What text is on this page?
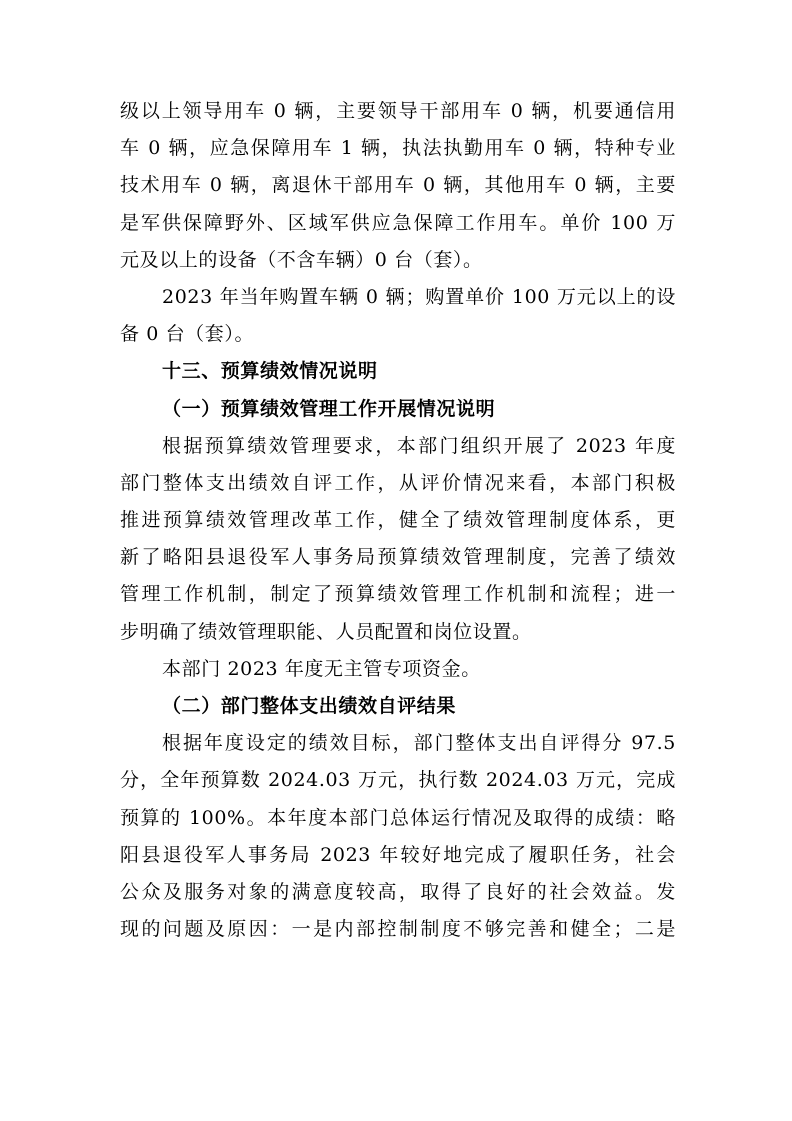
级以上领导用车 0 辆，主要领导干部用车 0 辆，机要通信用
车 0 辆，应急保障用车 1 辆，执法执勤用车 0 辆，特种专业
技术用车 0 辆，离退休干部用车 0 辆，其他用车 0 辆，主要
是军供保障野外、区域军供应急保障工作用车。单价 100 万
元及以上的设备（不含车辆）0 台（套）。
2023 年当年购置车辆 0 辆；购置单价 100 万元以上的设
备 0 台（套）。
十三、预算绩效情况说明
（一）预算绩效管理工作开展情况说明
根据预算绩效管理要求，本部门组织开展了 2023 年度
部门整体支出绩效自评工作，从评价情况来看，本部门积极
推进预算绩效管理改革工作，健全了绩效管理制度体系，更
新了略阳县退役军人事务局预算绩效管理制度，完善了绩效
管理工作机制，制定了预算绩效管理工作机制和流程；进一
步明确了绩效管理职能、人员配置和岗位设置。
本部门 2023 年度无主管专项资金。
（二）部门整体支出绩效自评结果
根据年度设定的绩效目标，部门整体支出自评得分 97.5
分，全年预算数 2024.03 万元，执行数 2024.03 万元，完成
预算的 100%。本年度本部门总体运行情况及取得的成绩：略
阳县退役军人事务局 2023 年较好地完成了履职任务，社会
公众及服务对象的满意度较高，取得了良好的社会效益。发
现的问题及原因：一是内部控制制度不够完善和健全；二是
